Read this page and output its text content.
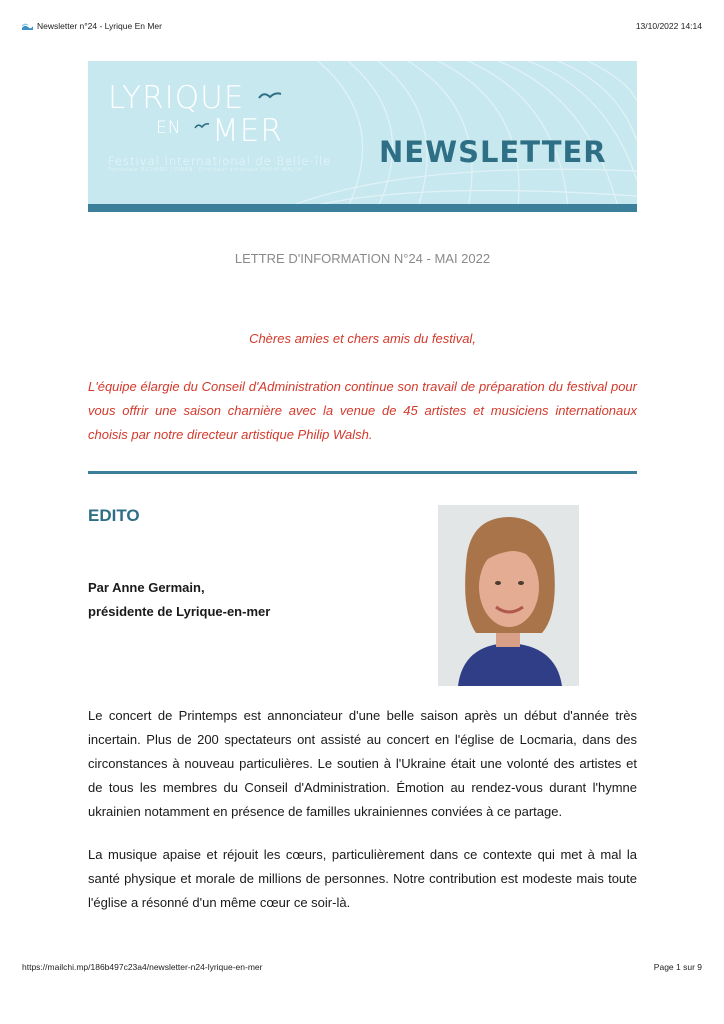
Newsletter n°24 - Lyrique En Mer	13/10/2022 14:14
LYRIQUE
EN MER
Festival International de Belle-île
Fondateur RICHARD COWAN · Directeur artistique PHILIP WALSH
NEWSLETTER
LETTRE D'INFORMATION N°24 - MAI 2022
Chères amies et chers amis du festival,

L'équipe élargie du Conseil d'Administration continue son travail de préparation du festival pour vous offrir une saison charnière avec la venue de 45 artistes et musiciens internationaux choisis par notre directeur artistique Philip Walsh.

EDITO
Par Anne Germain,
présidente de Lyrique-en-mer

Le concert de Printemps est annonciateur d'une belle saison après un début d'année très incertain. Plus de 200 spectateurs ont assisté au concert en l'église de Locmaria, dans des circonstances à nouveau particulières. Le soutien à l'Ukraine était une volonté des artistes et de tous les membres du Conseil d'Administration. Émotion au rendez-vous durant l'hymne ukrainien notamment en présence de familles ukrainiennes conviées à ce partage.

La musique apaise et réjouit les cœurs, particulièrement dans ce contexte qui met à mal la santé physique et morale de millions de personnes. Notre contribution est modeste mais toute l'église a résonné d'un même cœur ce soir-là.

https://mailchi.mp/186b497c23a4/newsletter-n24-lyrique-en-mer	Page 1 sur 9
